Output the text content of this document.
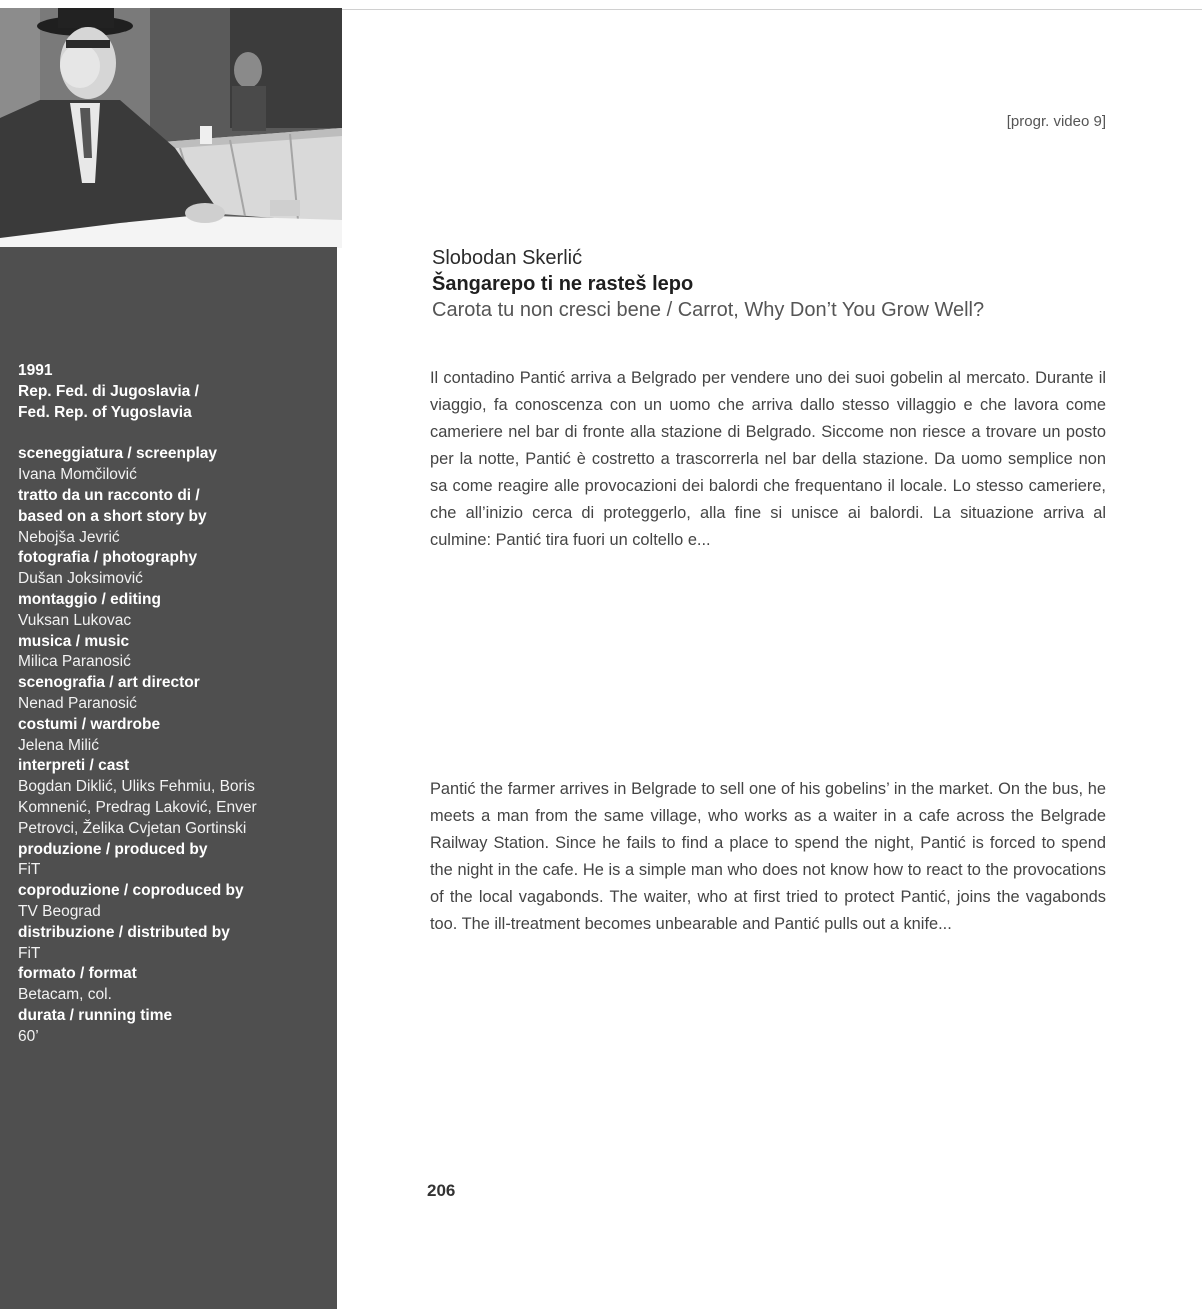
1991
Rep. Fed. di Jugoslavia /
Fed. Rep. of Yugoslavia
sceneggiatura / screenplay
Ivana Momčilović
tratto da un racconto di /
based on a short story by
Nebojša Jevrić
fotografia / photography
Dušan Joksimović
montaggio / editing
Vuksan Lukovac
musica / music
Milica Paranosić
scenografia / art director
Nenad Paranosić
costumi / wardrobe
Jelena Milić
interpreti / cast
Bogdan Diklić, Uliks Fehmiu, Boris
Komnenić, Predrag Laković, Enver
Petrovci, Želika Cvjetan Gortinski
produzione / produced by
FiT
coproduzione / coproduced by
TV Beograd
distribuzione / distributed by
FiT
formato / format
Betacam, col.
durata / running time
60’
[progr. video 9]
Slobodan Skerlić
Šangarepo ti ne rasteš lepo
Carota tu non cresci bene / Carrot, Why Don’t You Grow Well?

Il contadino Pantić arriva a Belgrado per vendere uno dei suoi gobelin al mercato. Durante il viaggio, fa conoscenza con un uomo che arriva dallo stesso villaggio e che lavora come cameriere nel bar di fronte alla stazione di Belgrado. Siccome non riesce a trovare un posto per la notte, Pantić è costretto a trascorrerla nel bar della stazione. Da uomo semplice non sa come reagire alle provocazioni dei balordi che frequentano il locale. Lo stesso cameriere, che all’inizio cerca di proteggerlo, alla fine si unisce ai balordi. La situazione arriva al culmine: Pantić tira fuori un coltello e...

Pantić the farmer arrives in Belgrade to sell one of his gobelins’ in the market. On the bus, he meets a man from the same village, who works as a waiter in a cafe across the Belgrade Railway Station. Since he fails to find a place to spend the night, Pantić is forced to spend the night in the cafe. He is a simple man who does not know how to react to the provocations of the local vagabonds. The waiter, who at first tried to protect Pantić, joins the vagabonds too. The ill-treatment becomes unbearable and Pantić pulls out a knife...

206
